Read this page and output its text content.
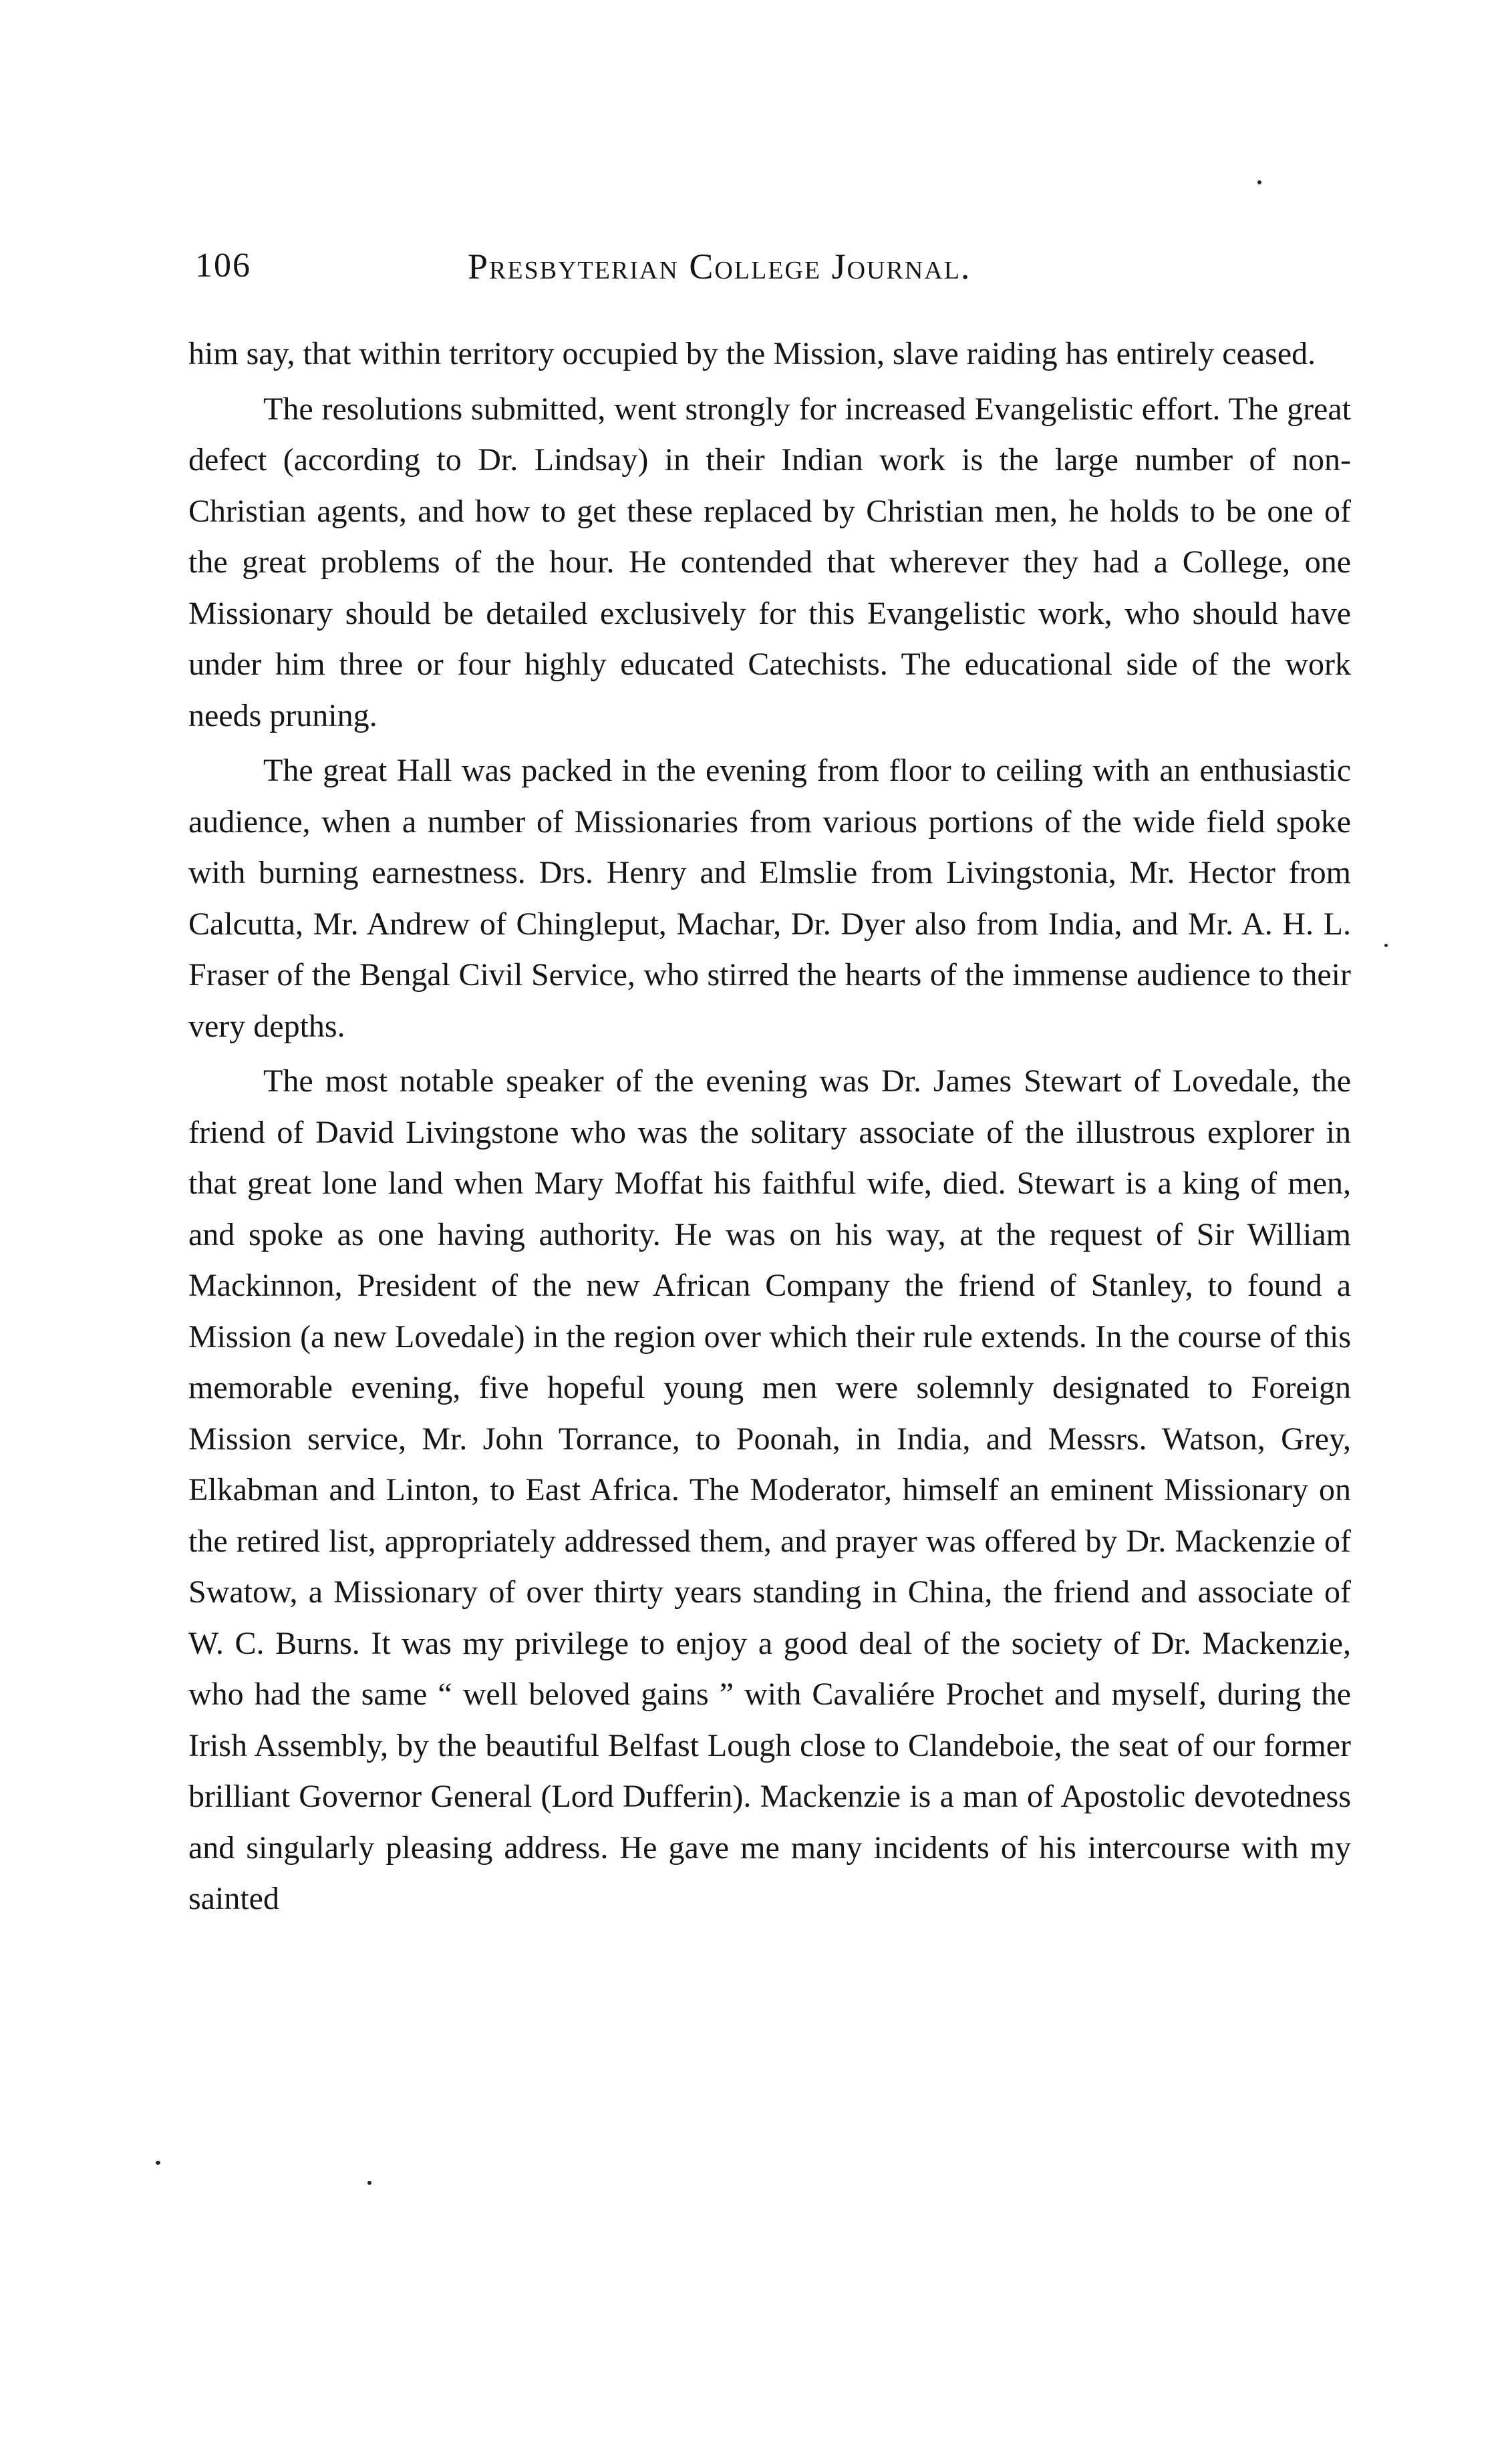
106	Presbyterian College Journal.

him say, that within territory occupied by the Mission, slave raiding has entirely ceased.

The resolutions submitted, went strongly for increased Evangelistic effort. The great defect (according to Dr. Lindsay) in their Indian work is the large number of non-Christian agents, and how to get these replaced by Christian men, he holds to be one of the great problems of the hour. He contended that wherever they had a College, one Missionary should be detailed exclusively for this Evangelistic work, who should have under him three or four highly educated Catechists. The educational side of the work needs pruning.

The great Hall was packed in the evening from floor to ceiling with an enthusiastic audience, when a number of Missionaries from various portions of the wide field spoke with burning earnestness. Drs. Henry and Elmslie from Livingstonia, Mr. Hector from Calcutta, Mr. Andrew of Chingleput, Machar, Dr. Dyer also from India, and Mr. A. H. L. Fraser of the Bengal Civil Service, who stirred the hearts of the immense audience to their very depths.

The most notable speaker of the evening was Dr. James Stewart of Lovedale, the friend of David Livingstone who was the solitary associate of the illustrous explorer in that great lone land when Mary Moffat his faithful wife, died. Stewart is a king of men, and spoke as one having authority. He was on his way, at the request of Sir William Mackinnon, President of the new African Company the friend of Stanley, to found a Mission (a new Lovedale) in the region over which their rule extends. In the course of this memorable evening, five hopeful young men were solemnly designated to Foreign Mission service, Mr. John Torrance, to Poonah, in India, and Messrs. Watson, Grey, Elkabman and Linton, to East Africa. The Moderator, himself an eminent Missionary on the retired list, appropriately addressed them, and prayer was offered by Dr. Mackenzie of Swatow, a Missionary of over thirty years standing in China, the friend and associate of W. C. Burns. It was my privilege to enjoy a good deal of the society of Dr. Mackenzie, who had the same “ well beloved gains ” with Cavaliére Prochet and myself, during the Irish Assembly, by the beautiful Belfast Lough close to Clandeboie, the seat of our former brilliant Governor General (Lord Dufferin). Mackenzie is a man of Apostolic devotedness and singularly pleasing address. He gave me many incidents of his intercourse with my sainted
